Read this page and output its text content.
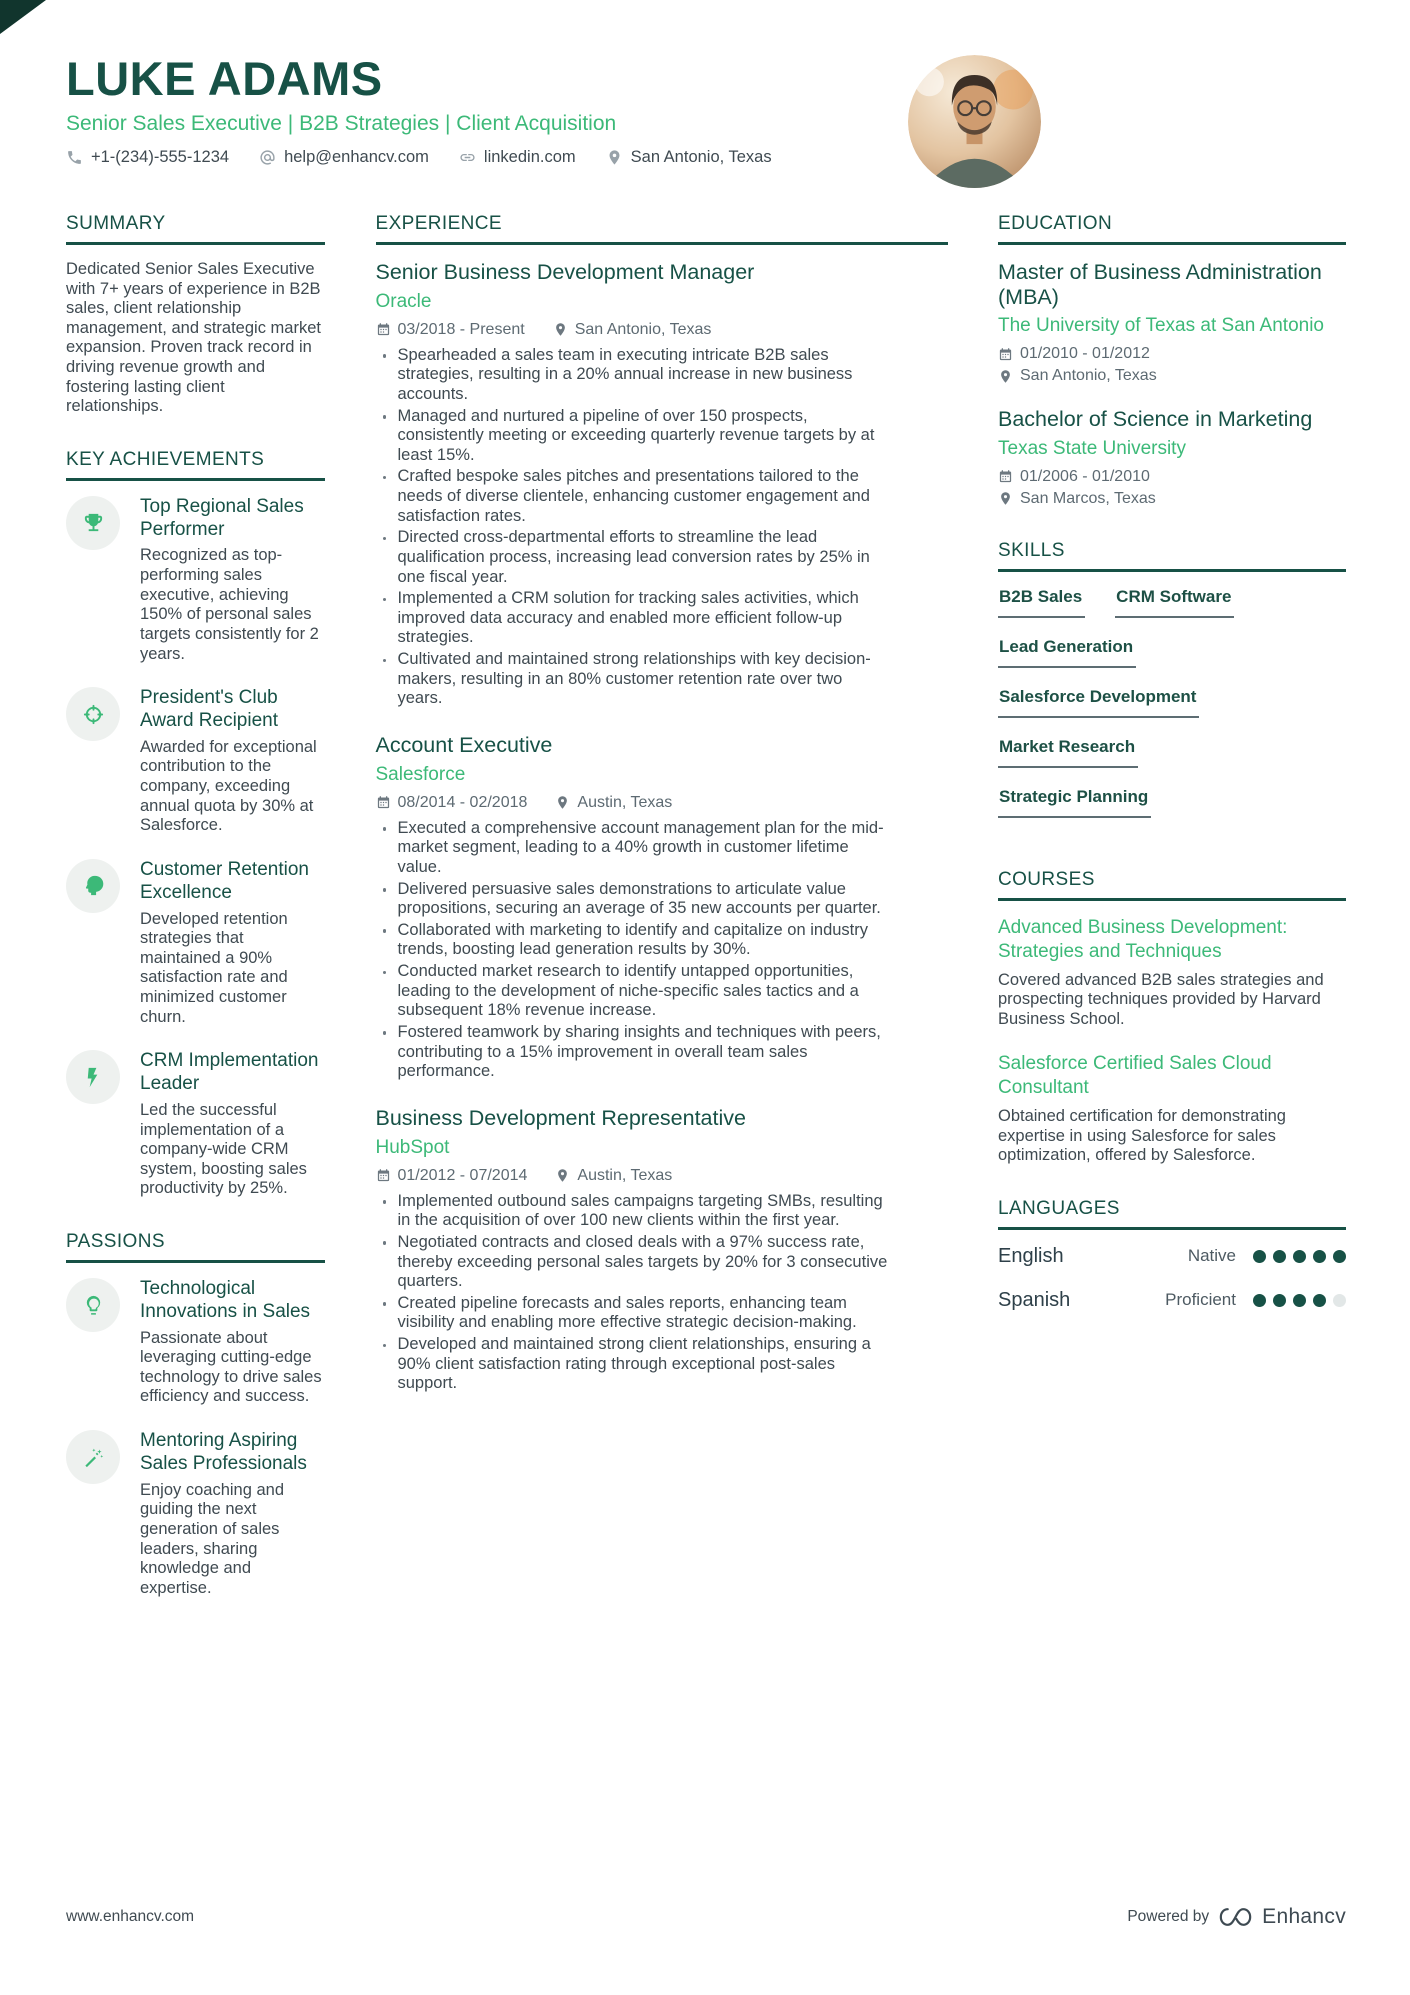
LUKE ADAMS
Senior Sales Executive | B2B Strategies | Client Acquisition
+1-(234)-555-1234	help@enhancv.com	linkedin.com	San Antonio, Texas
SUMMARY

Dedicated Senior Sales Executive with 7+ years of experience in B2B sales, client relationship management, and strategic market expansion. Proven track record in driving revenue growth and fostering lasting client relationships.

KEY ACHIEVEMENTS
Top Regional Sales Performer
Recognized as top-performing sales executive, achieving 150% of personal sales targets consistently for 2 years.
President's Club Award Recipient
Awarded for exceptional contribution to the company, exceeding annual quota by 30% at Salesforce.
Customer Retention Excellence
Developed retention strategies that maintained a 90% satisfaction rate and minimized customer churn.
CRM Implementation Leader
Led the successful implementation of a company-wide CRM system, boosting sales productivity by 25%.
PASSIONS
Technological Innovations in Sales
Passionate about leveraging cutting-edge technology to drive sales efficiency and success.
Mentoring Aspiring Sales Professionals
Enjoy coaching and guiding the next generation of sales leaders, sharing knowledge and expertise.
EXPERIENCE
Senior Business Development Manager
Oracle
03/2018 - Present	San Antonio, Texas
Spearheaded a sales team in executing intricate B2B sales strategies, resulting in a 20% annual increase in new business accounts.
Managed and nurtured a pipeline of over 150 prospects, consistently meeting or exceeding quarterly revenue targets by at least 15%.
Crafted bespoke sales pitches and presentations tailored to the needs of diverse clientele, enhancing customer engagement and satisfaction rates.
Directed cross-departmental efforts to streamline the lead qualification process, increasing lead conversion rates by 25% in one fiscal year.
Implemented a CRM solution for tracking sales activities, which improved data accuracy and enabled more efficient follow-up strategies.
Cultivated and maintained strong relationships with key decision-makers, resulting in an 80% customer retention rate over two years.
Account Executive
Salesforce
08/2014 - 02/2018	Austin, Texas
Executed a comprehensive account management plan for the mid-market segment, leading to a 40% growth in customer lifetime value.
Delivered persuasive sales demonstrations to articulate value propositions, securing an average of 35 new accounts per quarter.
Collaborated with marketing to identify and capitalize on industry trends, boosting lead generation results by 30%.
Conducted market research to identify untapped opportunities, leading to the development of niche-specific sales tactics and a subsequent 18% revenue increase.
Fostered teamwork by sharing insights and techniques with peers, contributing to a 15% improvement in overall team sales performance.
Business Development Representative
HubSpot
01/2012 - 07/2014	Austin, Texas
Implemented outbound sales campaigns targeting SMBs, resulting in the acquisition of over 100 new clients within the first year.
Negotiated contracts and closed deals with a 97% success rate, thereby exceeding personal sales targets by 20% for 3 consecutive quarters.
Created pipeline forecasts and sales reports, enhancing team visibility and enabling more effective strategic decision-making.
Developed and maintained strong client relationships, ensuring a 90% client satisfaction rating through exceptional post-sales support.
EDUCATION
Master of Business Administration (MBA)
The University of Texas at San Antonio
01/2010 - 01/2012
San Antonio, Texas
Bachelor of Science in Marketing
Texas State University
01/2006 - 01/2010
San Marcos, Texas
SKILLS
B2B Sales CRM SoftwareLead GenerationSalesforce DevelopmentMarket ResearchStrategic Planning
COURSES
Advanced Business Development: Strategies and Techniques
Covered advanced B2B sales strategies and prospecting techniques provided by Harvard Business School.
Salesforce Certified Sales Cloud Consultant
Obtained certification for demonstrating expertise in using Salesforce for sales optimization, offered by Salesforce.
LANGUAGES
English	Native
Spanish	Proficient
www.enhancv.com	Powered by	Enhancv
